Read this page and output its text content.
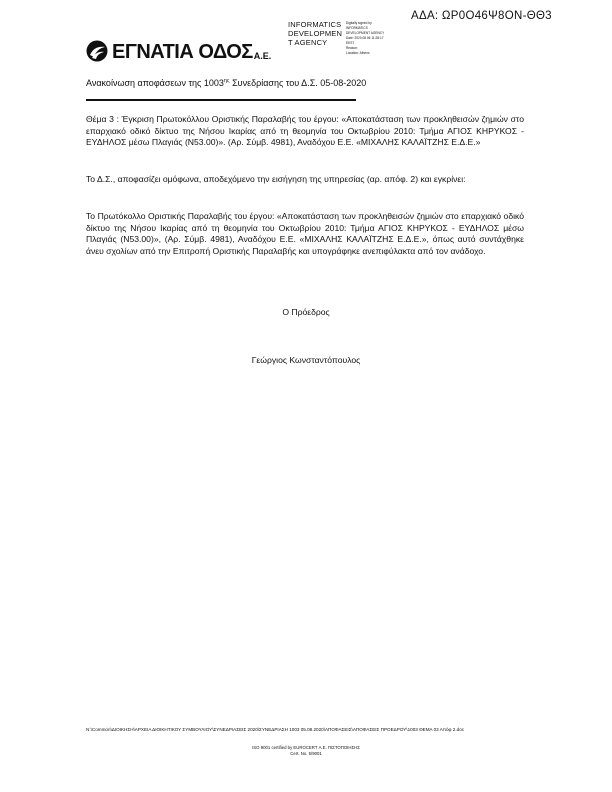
ΑΔΑ: ΩΡ0Ο46Ψ8ΟΝ-ΘΘ3
INFORMATICS
DEVELOPMEN
T AGENCY
Digitally signed by
INFORMATICS
DEVELOPMENT AGENCY
Date: 2020.08.06 11:28:17
EEST
Reason:
Location: Athens
ΕΓΝΑΤΙΑ ΟΔΟΣ Α.Ε.
Ανακοίνωση αποφάσεων της $1003^{\eta\varsigma}$ Συνεδρίασης του Δ.Σ. 05-08-2020

Θέμα 3 : Έγκριση Πρωτοκόλλου Οριστικής Παραλαβής του έργου: «Αποκατάσταση των προκληθεισών ζημιών στο επαρχιακό οδικό δίκτυο της Νήσου Ικαρίας από τη θεομηνία του Οκτωβρίου 2010: Τμήμα ΑΓΙΟΣ ΚΗΡΥΚΟΣ - ΕΥΔΗΛΟΣ μέσω Πλαγιάς (Ν53.00)». (Αρ. Σύμβ. 4981), Αναδόχου Ε.Ε. «ΜΙΧΑΛΗΣ ΚΑΛΑΪΤΖΗΣ Ε.Δ.Ε.»

Το Δ.Σ., αποφασίζει ομόφωνα, αποδεχόμενο την εισήγηση της υπηρεσίας (αρ. απόφ. 2) και εγκρίνει:

Το Πρωτόκολλο Οριστικής Παραλαβής του έργου: «Αποκατάσταση των προκληθεισών ζημιών στο επαρχιακό οδικό δίκτυο της Νήσου Ικαρίας από τη θεομηνία του Οκτωβρίου 2010: Τμήμα ΑΓΙΟΣ ΚΗΡΥΚΟΣ - ΕΥΔΗΛΟΣ μέσω Πλαγιάς (Ν53.00)», (Αρ. Σύμβ. 4981), Αναδόχου Ε.Ε. «ΜΙΧΑΛΗΣ ΚΑΛΑΪΤΖΗΣ Ε.Δ.Ε.», όπως αυτό συντάχθηκε άνευ σχολίων από την Επιτροπή Οριστικής Παραλαβής και υπογράφηκε ανεπιφύλακτα από τον ανάδοχο.

Ο Πρόεδρος
Γεώργιος Κωνσταντόπουλος
N:\Common\ΔΙΟΙΚΗΣΗ\ΑΡΧΕΙΑ ΔΙΟΙΚΗΤΙΚΟΥ ΣΥΜΒΟΥΛΙΟΥ\ΣΥΝΕΔΡΙΑΣΕΙΣ 2020\ΣΥΝΕΔΡΙΑΣΗ 1003 05.08.2020\ΑΠΟΦΑΣΕΙΣ\ΑΠΟΦΑΣΕΙΣ ΠΡΟΕΔΡΟΥ\1003 ΘΕΜΑ 03 Απόφ 2.doc
ISO 9001 certified by EUROCERT Α.Ε. ΠΙΣΤΟΠΟΙΗΣΗΣ
Cert. No. 5/9001
